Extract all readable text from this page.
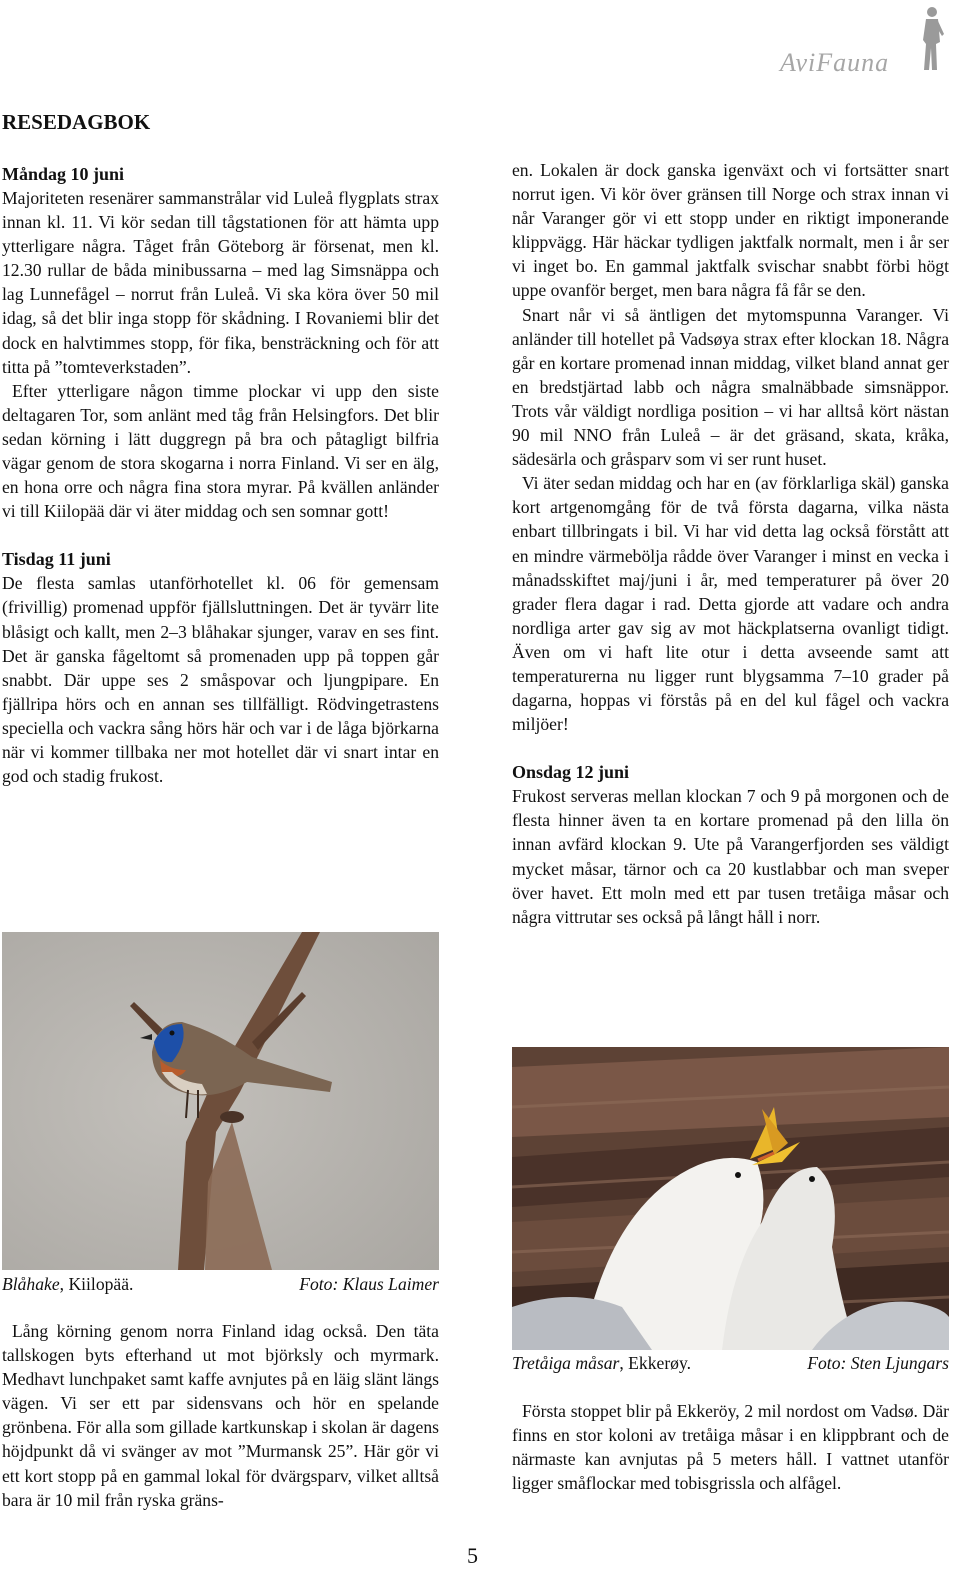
AviFauna
RESEDAGBOK
Måndag 10 juni

Majoriteten resenärer sammanstrålar vid Luleå flygplats strax innan kl. 11. Vi kör sedan till tågstationen för att hämta upp ytterligare några. Tåget från Göteborg är försenat, men kl. 12.30 rullar de båda minibussarna – med lag Simsnäppa och lag Lunnefågel – norrut från Luleå. Vi ska köra över 50 mil idag, så det blir inga stopp för skådning. I Rovaniemi blir det dock en halvtimmes stopp, för fika, bensträckning och för att titta på ”tomteverkstaden”.

Efter ytterligare någon timme plockar vi upp den siste deltagaren Tor, som anlänt med tåg från Helsingfors. Det blir sedan körning i lätt duggregn på bra och påtagligt bilfria vägar genom de stora skogarna i norra Finland. Vi ser en älg, en hona orre och några fina stora myrar. På kvällen anländer vi till Kiilopää där vi äter middag och sen somnar gott!

Tisdag 11 juni

De flesta samlas utanförhotellet kl. 06 för gemensam (frivillig) promenad uppför fjällsluttningen. Det är tyvärr lite blåsigt och kallt, men 2–3 blåhakar sjunger, varav en ses fint. Det är ganska fågeltomt så promenaden upp på toppen går snabbt. Där uppe ses 2 småspovar och ljungpipare. En fjällripa hörs och en annan ses tillfälligt. Rödvingetrastens speciella och vackra sång hörs här och var i de låga björkarna när vi kommer tillbaka ner mot hotellet där vi snart intar en god och stadig frukost.

Blåhake, Kiilopää.	Foto: Klaus Laimer

Lång körning genom norra Finland idag också. Den täta tallskogen byts efterhand ut mot björksly och myrmark. Medhavt lunchpaket samt kaffe avnjutes på en läig slänt längs vägen. Vi ser ett par sidensvans och hör en spelande grönbena. För alla som gillade kartkunskap i skolan är dagens höjdpunkt då vi svänger av mot ”Murmansk 25”. Här gör vi ett kort stopp på en gammal lokal för dvärgsparv, vilket alltså bara är 10 mil från ryska gräns-

en. Lokalen är dock ganska igenväxt och vi fortsätter snart norrut igen. Vi kör över gränsen till Norge och strax innan vi når Varanger gör vi ett stopp under en riktigt imponerande klippvägg. Här häckar tydligen jaktfalk normalt, men i år ser vi inget bo. En gammal jaktfalk svischar snabbt förbi högt uppe ovanför berget, men bara några få får se den.

Snart når vi så äntligen det mytomspunna Varanger. Vi anländer till hotellet på Vadsøya strax efter klockan 18. Några går en kortare promenad innan middag, vilket bland annat ger en bredstjärtad labb och några smalnäbbade simsnäppor. Trots vår väldigt nordliga position – vi har alltså kört nästan 90 mil NNO från Luleå – är det gräsand, skata, kråka, sädesärla och gråsparv som vi ser runt huset.

Vi äter sedan middag och har en (av förklarliga skäl) ganska kort artgenomgång för de två första dagarna, vilka nästa enbart tillbringats i bil. Vi har vid detta lag också förstått att en mindre värmebölja rådde över Varanger i minst en vecka i månadsskiftet maj/juni i år, med temperaturer på över 20 grader flera dagar i rad. Detta gjorde att vadare och andra nordliga arter gav sig av mot häckplatserna ovanligt tidigt. Även om vi haft lite otur i detta avseende samt att temperaturerna nu ligger runt blygsamma 7–10 grader på dagarna, hoppas vi förstås på en del kul fågel och vackra miljöer!

Onsdag 12 juni

Frukost serveras mellan klockan 7 och 9 på morgonen och de flesta hinner även ta en kortare promenad på den lilla ön innan avfärd klockan 9. Ute på Varangerfjorden ses väldigt mycket måsar, tärnor och ca 20 kustlabbar och man sveper över havet. Ett moln med ett par tusen tretåiga måsar och några vittrutar ses också på långt håll i norr.

Tretåiga måsar, Ekkerøy.	Foto: Sten Ljungars

Första stoppet blir på Ekkeröy, 2 mil nordost om Vadsø. Där finns en stor koloni av tretåiga måsar i en klippbrant och de närmaste kan avnjutas på 5 meters håll. I vattnet utanför ligger småflockar med tobisgrissla och alfågel.

5
